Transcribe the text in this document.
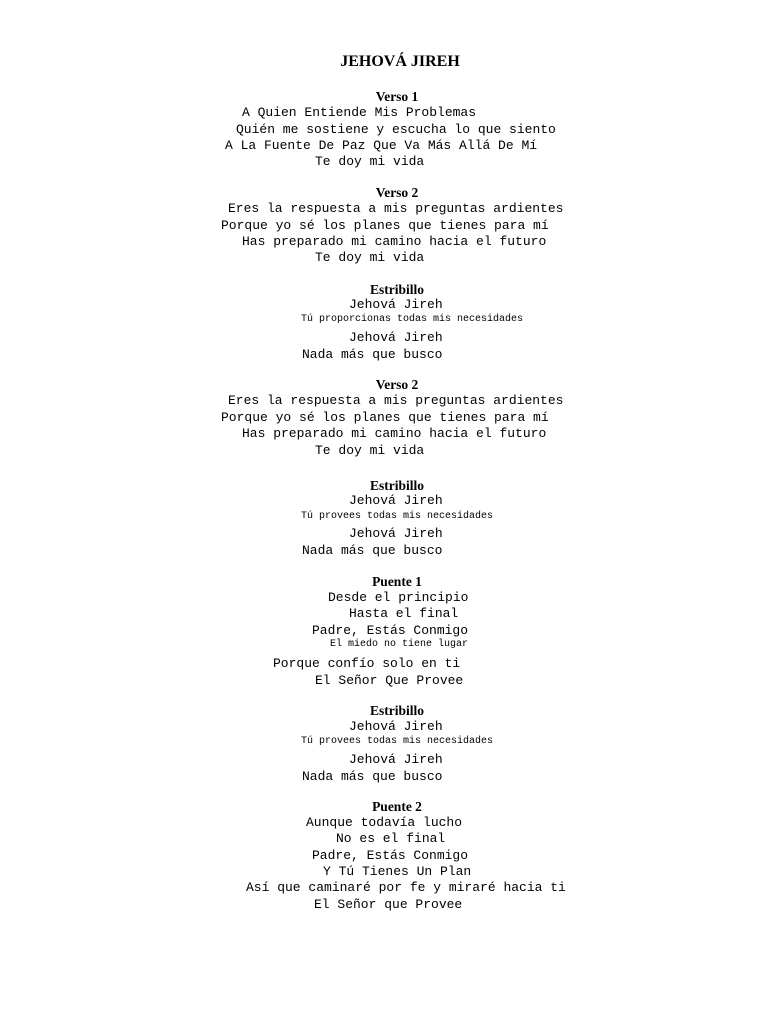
JEHOVÁ JIREH
Verso 1
A Quien Entiende Mis Problemas
Quién me sostiene y escucha lo que siento
A La Fuente De Paz Que Va Más Allá De Mí
Te doy mi vida
Verso 2
Eres la respuesta a mis preguntas ardientes
Porque yo sé los planes que tienes para mí
Has preparado mi camino hacia el futuro
Te doy mi vida
Estribillo
Jehová Jireh
Tú proporcionas todas mis necesidades
Jehová Jireh
Nada más que busco
Verso 2
Eres la respuesta a mis preguntas ardientes
Porque yo sé los planes que tienes para mí
Has preparado mi camino hacia el futuro
Te doy mi vida
Estribillo
Jehová Jireh
Tú provees todas mis necesidades
Jehová Jireh
Nada más que busco
Puente 1
Desde el principio
Hasta el final
Padre, Estás Conmigo
El miedo no tiene lugar
Porque confío solo en ti
El Señor Que Provee
Estribillo
Jehová Jireh
Tú provees todas mis necesidades
Jehová Jireh
Nada más que busco
Puente 2
Aunque todavía lucho
No es el final
Padre, Estás Conmigo
Y Tú Tienes Un Plan
Así que caminaré por fe y miraré hacia ti
El Señor que Provee
